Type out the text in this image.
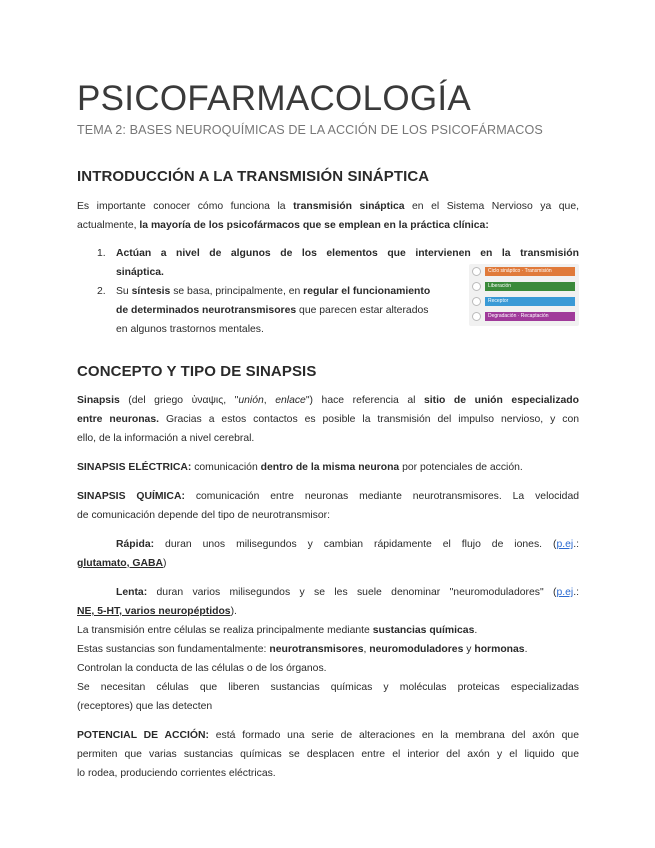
PSICOFARMACOLOGÍA
TEMA 2: BASES NEUROQUÍMICAS DE LA ACCIÓN DE LOS PSICOFÁRMACOS
INTRODUCCIÓN A LA TRANSMISIÓN SINÁPTICA

Es importante conocer cómo funciona la transmisión sináptica en el Sistema Nervioso ya que,
actualmente, la mayoría de los psicofármacos que se emplean en la práctica clínica:

1. Actúan a nivel de algunos de los elementos que intervienen en la transmisión
sináptica.
2. Su síntesis se basa, principalmente, en regular el funcionamiento
de determinados neurotransmisores que parecen estar alterados
en algunos trastornos mentales.
CONCEPTO Y TIPO DE SINAPSIS

Sinapsis (del griego ὑναψις, "unión, enlace") hace referencia al sitio de unión especializado
entre neuronas. Gracias a estos contactos es posible la transmisión del impulso nervioso, y con
ello, de la información a nivel cerebral.

SINAPSIS ELÉCTRICA: comunicación dentro de la misma neurona por potenciales de acción.

SINAPSIS QUÍMICA: comunicación entre neuronas mediante neurotransmisores. La velocidad
de comunicación depende del tipo de neurotransmisor:

Rápida: duran unos milisegundos y cambian rápidamente el flujo de iones. (p.ej.:
glutamato, GABA)

Lenta: duran varios milisegundos y se les suele denominar "neuromoduladores" (p.ej.:
NE, 5-HT, varios neuropéptidos).

La transmisión entre células se realiza principalmente mediante sustancias químicas.
Estas sustancias son fundamentalmente: neurotransmisores, neuromoduladores y hormonas.
Controlan la conducta de las células o de los órganos.
Se necesitan células que liberen sustancias químicas y moléculas proteicas especializadas
(receptores) que las detecten

POTENCIAL DE ACCIÓN: está formado una serie de alteraciones en la membrana del axón que
permiten que varias sustancias químicas se desplacen entre el interior del axón y el liquido que
lo rodea, produciendo corrientes eléctricas.

Ciclo sináptico · Transmisión
Liberación
Receptor
Degradación · Recaptación
